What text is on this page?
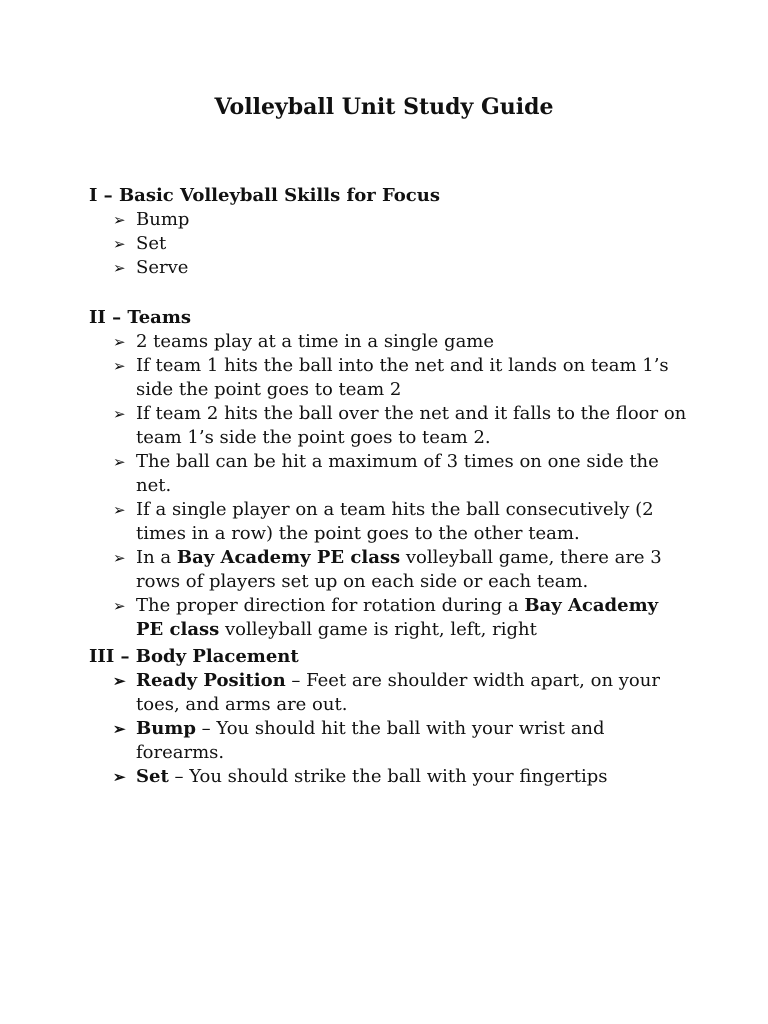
Volleyball Unit Study Guide

I – Basic Volleyball Skills for Focus

➢ Bump
➢ Set
➢ Serve

II – Teams

➢ 2 teams play at a time in a single game
➢ If team 1 hits the ball into the net and it lands on team 1’s side the point goes to team 2
➢ If team 2 hits the ball over the net and it falls to the floor on team 1’s side the point goes to team 2.
➢ The ball can be hit a maximum of 3 times on one side the net.
➢ If a single player on a team hits the ball consecutively (2 times in a row) the point goes to the other team.
➢ In a Bay Academy PE class volleyball game, there are 3 rows of players set up on each side or each team.
➢ The proper direction for rotation during a Bay Academy PE class volleyball game is right, left, right

III – Body Placement

➢ Ready Position – Feet are shoulder width apart, on your toes, and arms are out.
➢ Bump – You should hit the ball with your wrist and forearms.
➢ Set – You should strike the ball with your fingertips
